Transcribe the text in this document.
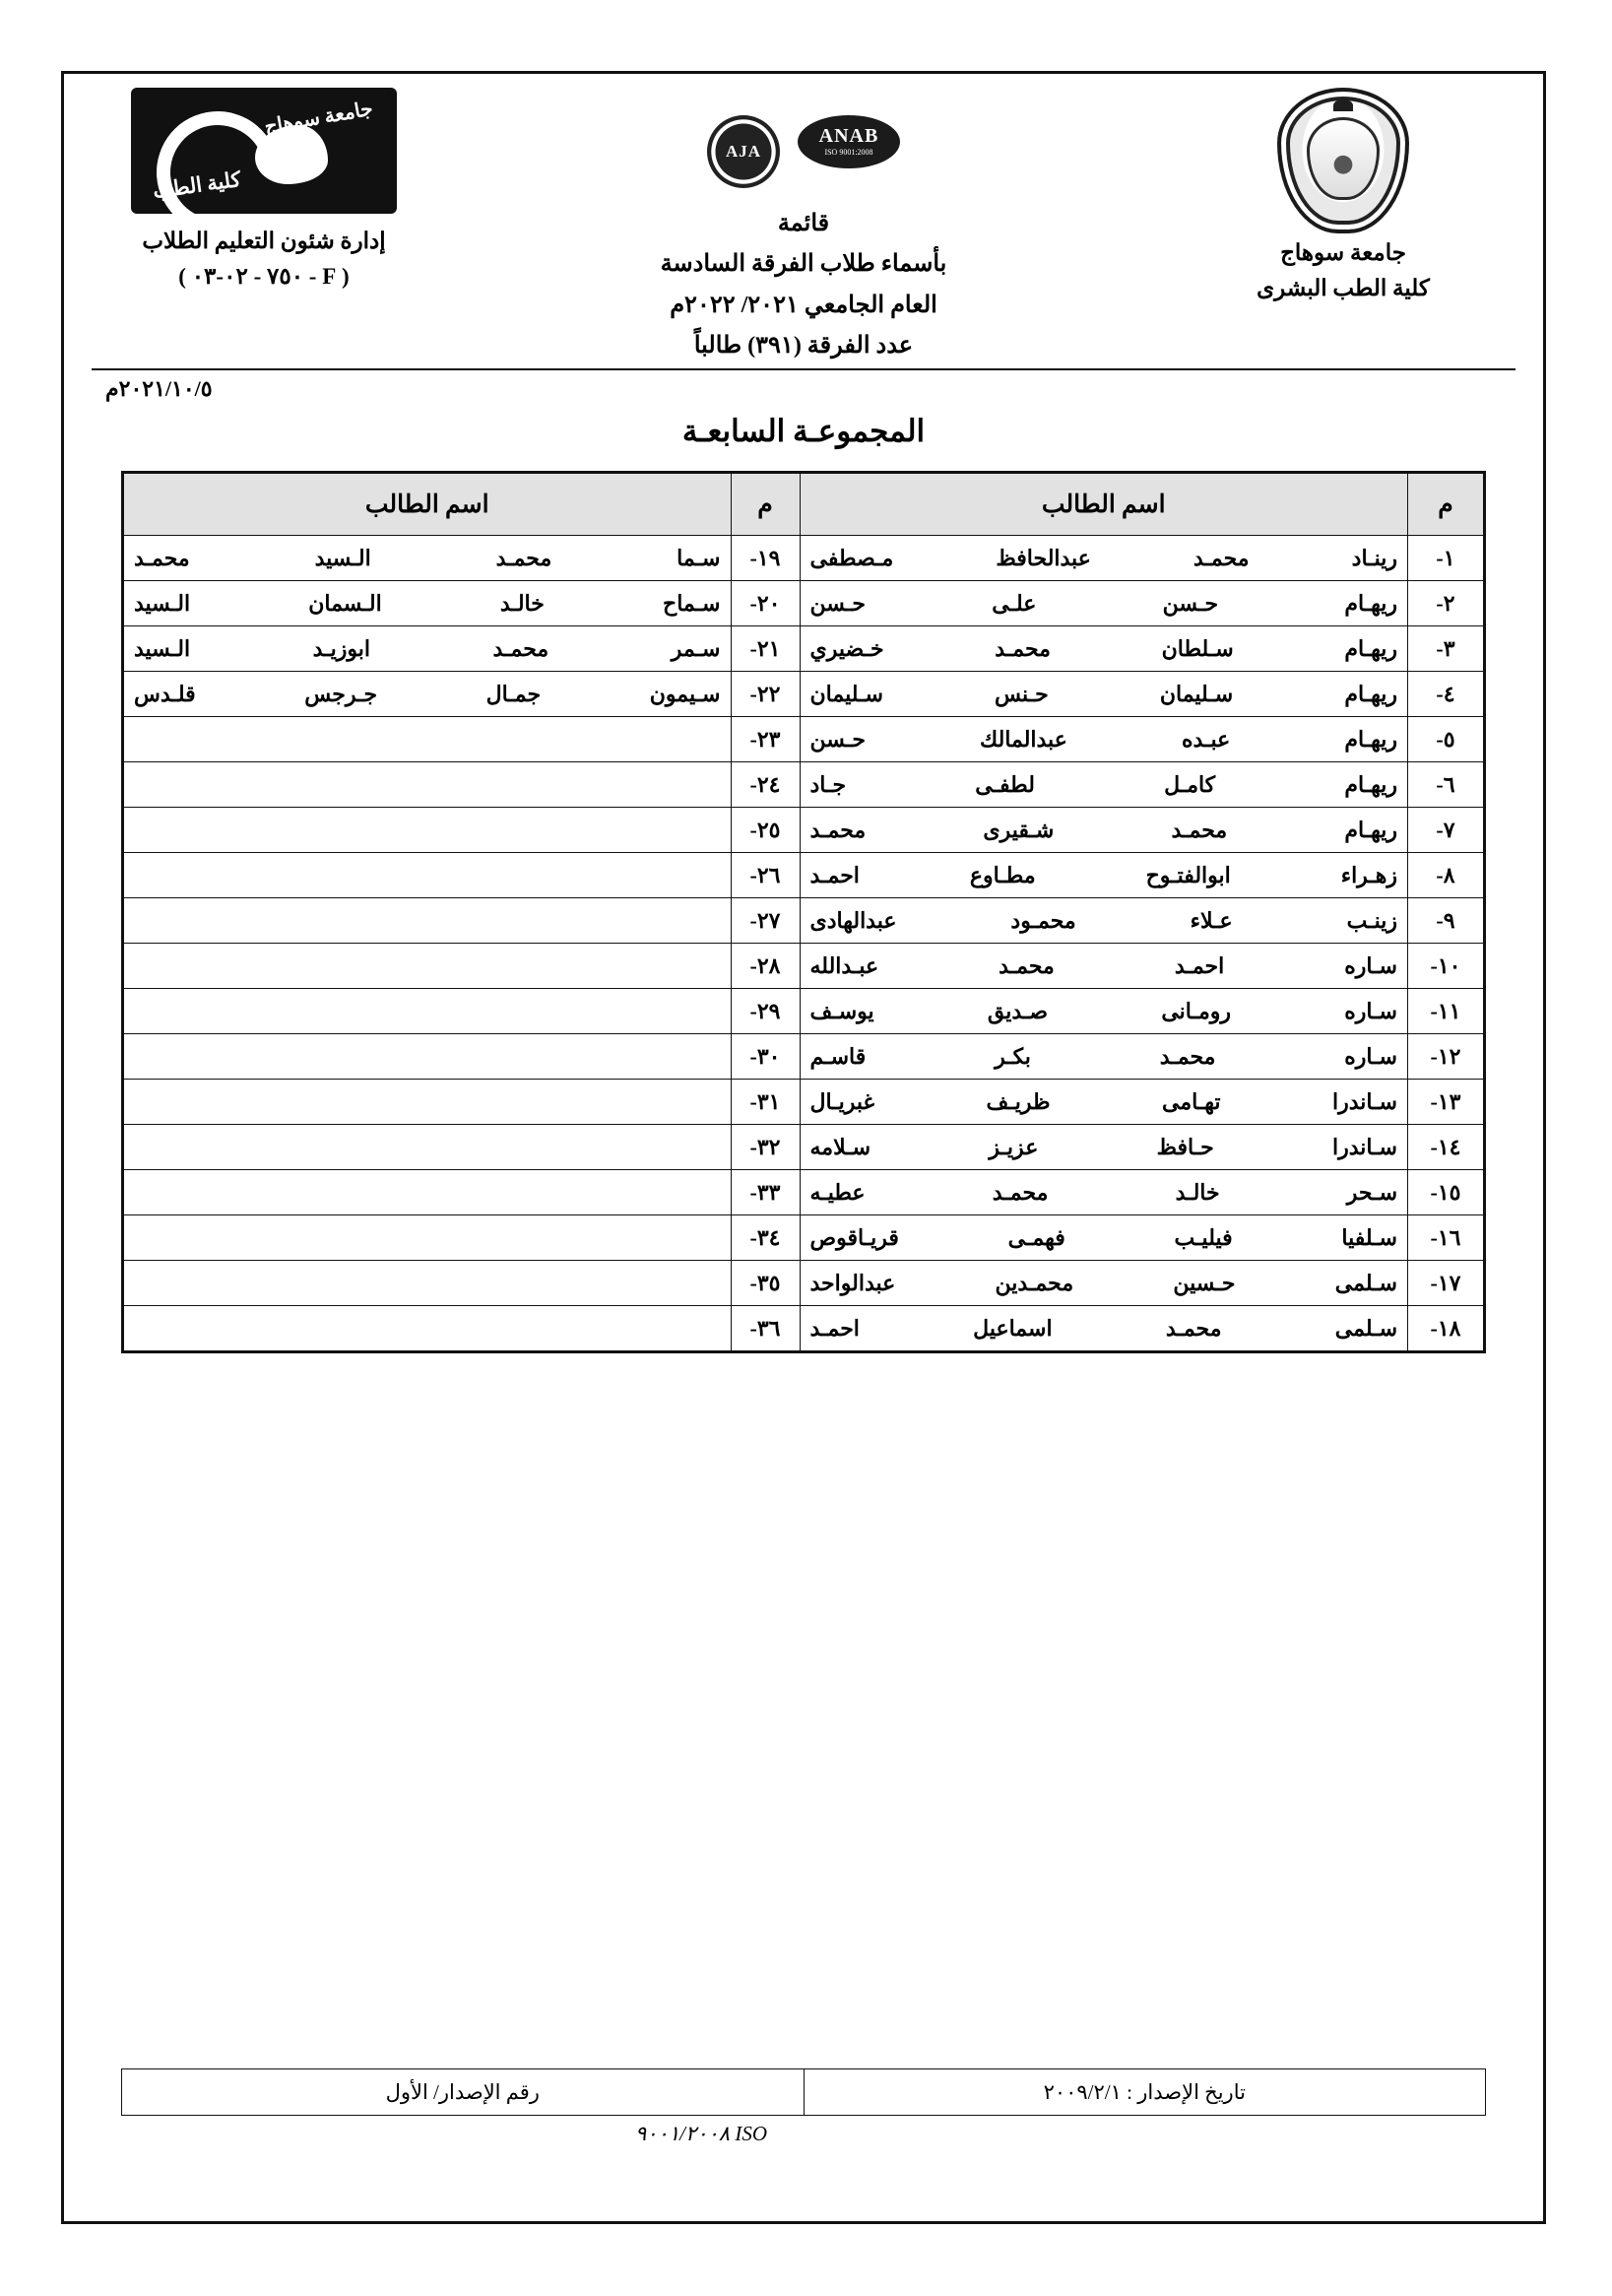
جامعة سوهاج
كلية الطب البشرى
ANAB
ISO 9001:2008
AJA
قائمة
بأسماء طلاب الفرقة السادسة
العام الجامعي ٢٠٢١/ ٢٠٢٢م
عدد الفرقة (٣٩١) طالباً
جامعة سوهاج
كلية الطب
إدارة شئون التعليم الطلاب
( F - ٧٥٠ - ٠٢-٠٣ )
٢٠٢١/١٠/٥م
المجموعـة السابعـة
م	اسم الطالب	م	اسم الطالب
١-	رينـاد محمـد عبدالحافظ مـصطفى	١٩-	سـما محمـد الـسيد محمـد
٢-	ريهـام حـسن علـى حـسن	٢٠-	سـماح خالـد الـسمان الـسيد
٣-	ريهـام سـلطان محمـد خـضيري	٢١-	سـمر محمـد ابوزيـد الـسيد
٤-	ريهـام سـليمان حـنس سـليمان	٢٢-	سـيمون جمـال جـرجس قلـدس
٥-	ريهـام عبـده عبدالمالك حـسن	٢٣-	
٦-	ريهـام كامـل لطفـى جـاد	٢٤-	
٧-	ريهـام محمـد شـقيرى محمـد	٢٥-	
٨-	زهـراء ابوالفتـوح مطـاوع احمـد	٢٦-	
٩-	زينـب عـلاء محمـود عبدالهادى	٢٧-	
١٠-	سـاره احمـد محمـد عبـدالله	٢٨-	
١١-	سـاره رومـانى صـديق يوسـف	٢٩-	
١٢-	سـاره محمـد بكـر قاسـم	٣٠-	
١٣-	سـاندرا تهـامى ظريـف غبريـال	٣١-	
١٤-	سـاندرا حـافظ عزيـز سـلامه	٣٢-	
١٥-	سـحر خالـد محمـد عطيـه	٣٣-	
١٦-	سـلفيا فيليـب فهمـى قريـاقوص	٣٤-	
١٧-	سـلمى حـسين محمـدين عبدالواحد	٣٥-	
١٨-	سـلمى محمـد اسماعيل احمـد	٣٦-	
تاريخ الإصدار : ٢٠٠٩/٢/١	رقم الإصدار/ الأول
ISO ٩٠٠١/٢٠٠٨
